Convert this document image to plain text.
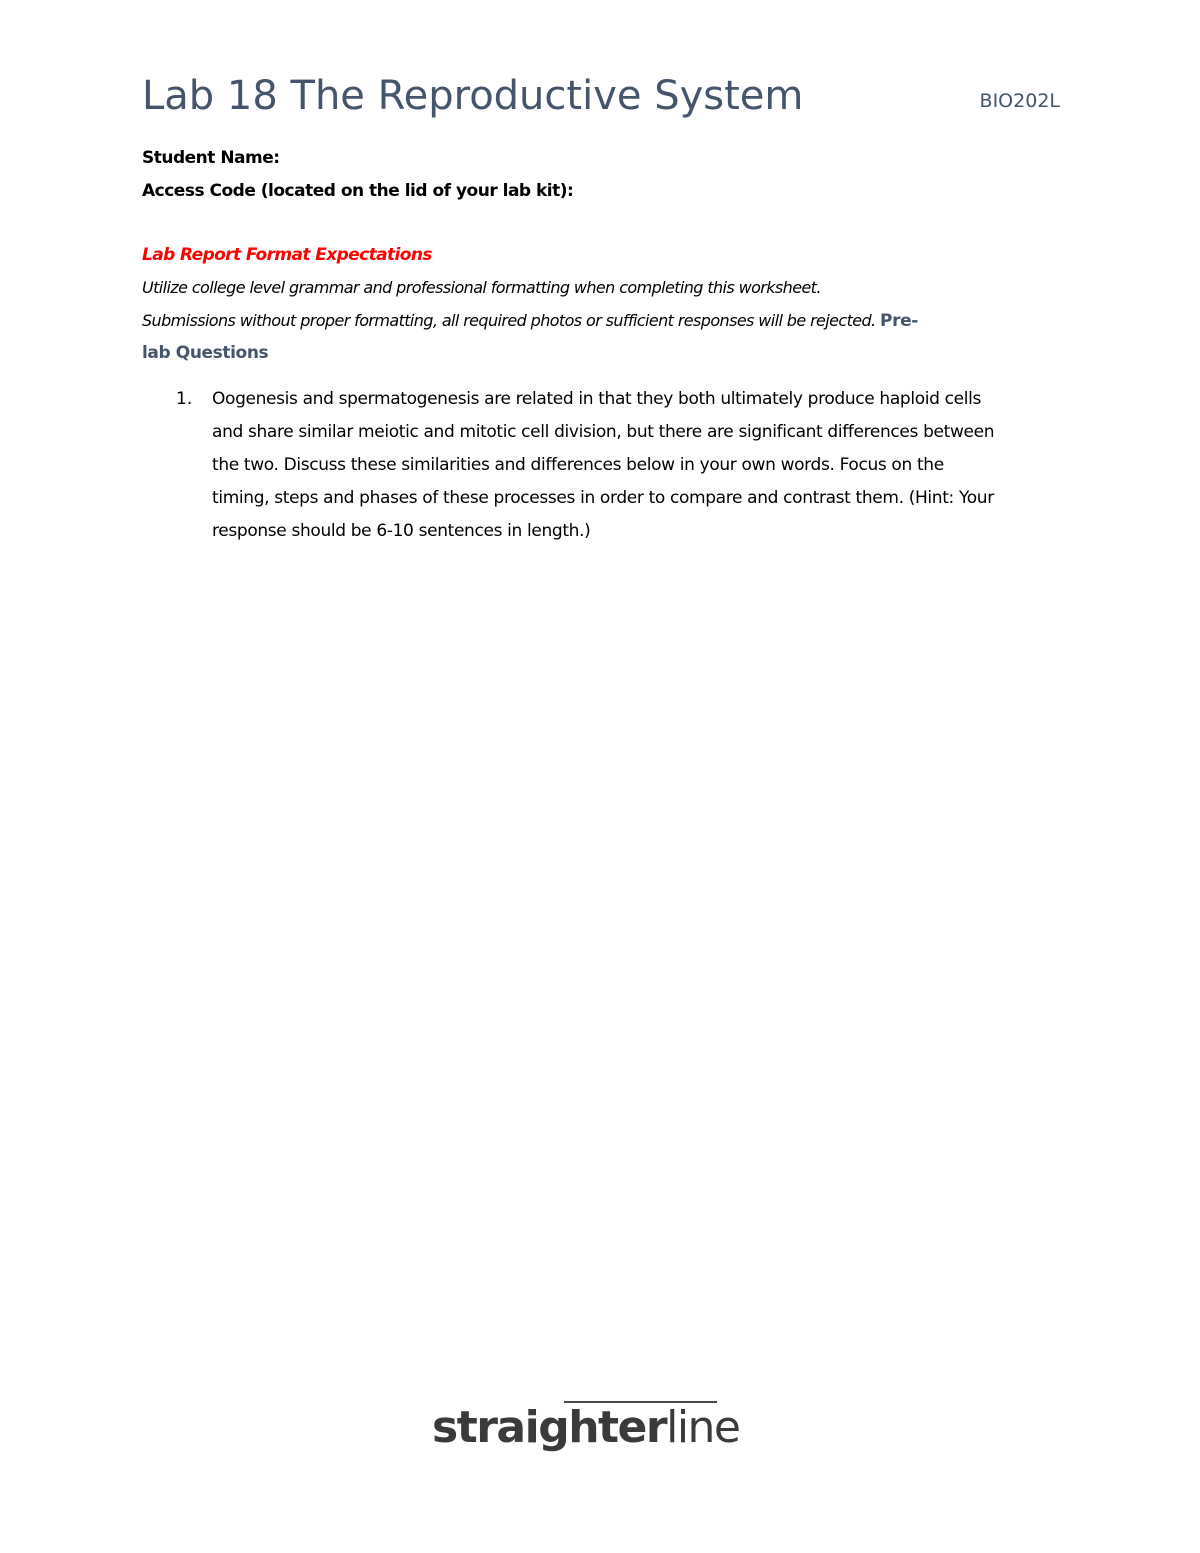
Lab 18 The Reproductive System	BIO202L
Student Name:
Access Code (located on the lid of your lab kit):
Lab Report Format Expectations
Utilize college level grammar and professional formatting when completing this worksheet.
Submissions without proper formatting, all required photos or sufficient responses will be rejected. Pre-
lab Questions
1. Oogenesis and spermatogenesis are related in that they both ultimately produce haploid cells
and share similar meiotic and mitotic cell division, but there are significant differences between
the two. Discuss these similarities and differences below in your own words. Focus on the
timing, steps and phases of these processes in order to compare and contrast them. (Hint: Your
response should be 6-10 sentences in length.)
straighterline
